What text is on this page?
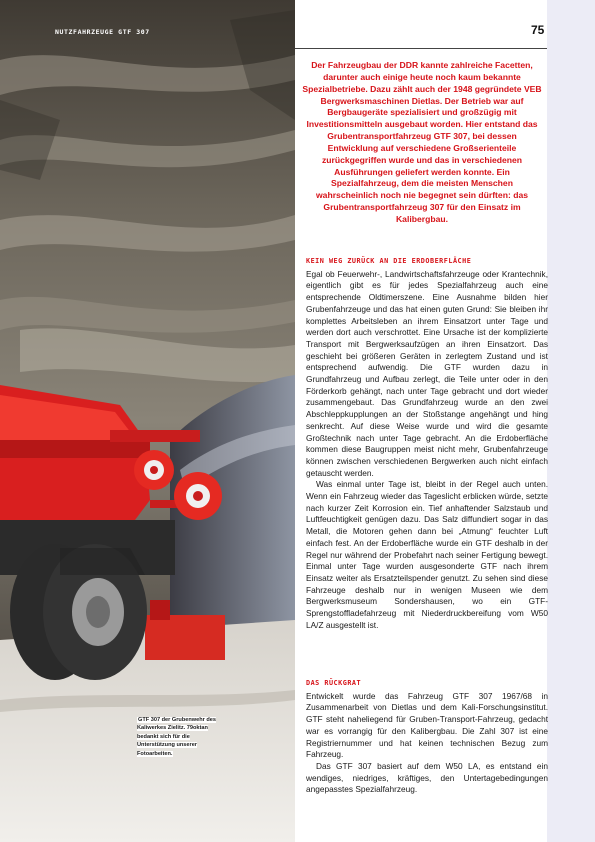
NUTZFAHRZEUGE GTF 307
GTF 307 der Grubenwehr des Kaliwerkes Zielitz. 79oktan bedankt sich für die Unterstützung unserer Fotoarbeiten.
75
Der Fahrzeugbau der DDR kannte zahlreiche Facetten, darunter auch einige heute noch kaum bekannte Spezialbetriebe. Dazu zählt auch der 1948 gegründete VEB Bergwerksmaschinen Dietlas. Der Betrieb war auf Bergbaugeräte spezialisiert und großzügig mit Investitionsmitteln ausgebaut worden. Hier entstand das Grubentransportfahrzeug GTF 307, bei dessen Entwicklung auf verschiedene Großserienteile zurückgegriffen wurde und das in verschiedenen Ausführungen geliefert werden konnte. Ein Spezialfahrzeug, dem die meisten Menschen wahrscheinlich noch nie begegnet sein dürften: das Grubentransportfahrzeug 307 für den Einsatz im Kalibergbau.
KEIN WEG ZURÜCK AN DIE ERDOBERFLÄCHE

Egal ob Feuerwehr-, Landwirtschaftsfahrzeuge oder Krantechnik, eigentlich gibt es für jedes Spezialfahrzeug auch eine entsprechende Oldtimerszene. Eine Ausnahme bilden hier Grubenfahrzeuge und das hat einen guten Grund: Sie bleiben ihr komplettes Arbeitsleben an ihrem Einsatzort unter Tage und werden dort auch verschrottet. Eine Ursache ist der komplizierte Transport mit Bergwerksaufzügen an ihren Einsatzort. Das geschieht bei größeren Geräten in zerlegtem Zustand und ist entsprechend aufwendig. Die GTF wurden dazu in Grundfahrzeug und Aufbau zerlegt, die Teile unter oder in den Förderkorb gehängt, nach unter Tage gebracht und dort wieder zusammengebaut. Das Grundfahrzeug wurde an den zwei Abschleppkupplungen an der Stoßstange angehängt und hing senkrecht. Auf diese Weise wurde und wird die gesamte Großtechnik nach unter Tage gebracht. An die Erdoberfläche kommen diese Baugruppen meist nicht mehr, Grubenfahrzeuge können zwischen verschiedenen Bergwerken auch nicht einfach getauscht werden.

Was einmal unter Tage ist, bleibt in der Regel auch unten. Wenn ein Fahrzeug wieder das Tageslicht erblicken würde, setzte nach kurzer Zeit Korrosion ein. Tief anhaftender Salzstaub und Luftfeuchtigkeit genügen dazu. Das Salz diffundiert sogar in das Metall, die Motoren gehen dann bei „Atmung“ feuchter Luft einfach fest. An der Erdoberfläche wurde ein GTF deshalb in der Regel nur während der Probefahrt nach seiner Fertigung bewegt. Einmal unter Tage wurden ausgesonderte GTF nach ihrem Einsatz weiter als Ersatzteilspender genutzt. Zu sehen sind diese Fahrzeuge deshalb nur in wenigen Museen wie dem Bergwerksmuseum Sondershausen, wo ein GTF-Sprengstoffladefahrzeug mit Niederdruckbereifung vom W50 LA/Z ausgestellt ist.

DAS RÜCKGRAT

Entwickelt wurde das Fahrzeug GTF 307 1967/68 in Zusammenarbeit von Dietlas und dem Kali-Forschungsinstitut. GTF steht naheliegend für Gruben-Transport-Fahrzeug, gedacht war es vorrangig für den Kalibergbau. Die Zahl 307 ist eine Registriernummer und hat keinen technischen Bezug zum Fahrzeug.

Das GTF 307 basiert auf dem W50 LA, es entstand ein wendiges, niedriges, kräftiges, den Untertagebedingungen angepasstes Spezialfahrzeug.
